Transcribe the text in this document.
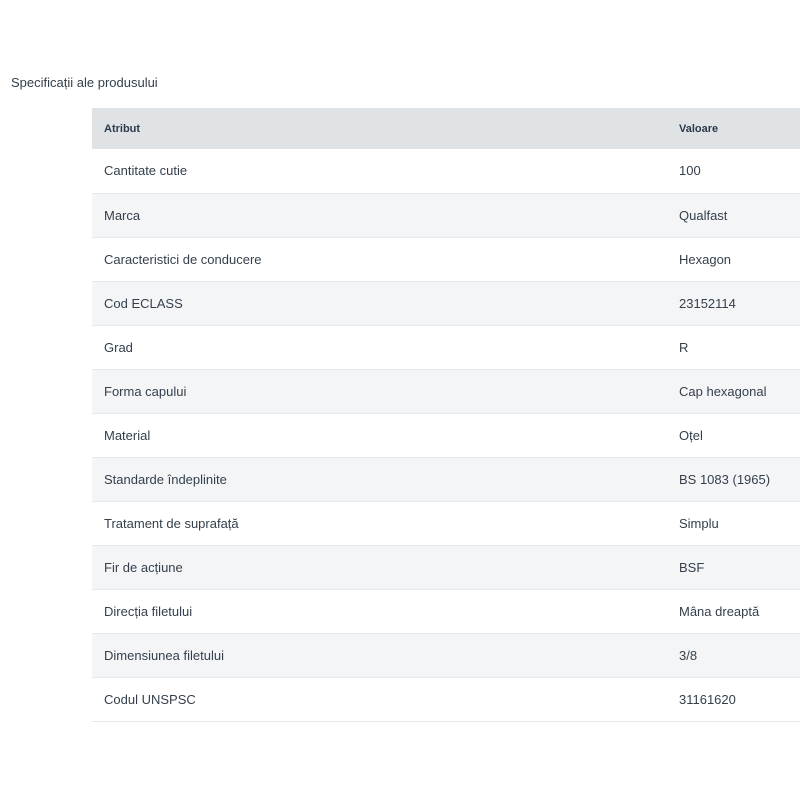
Specificații ale produsului
Atribut	Valoare
Cantitate cutie	100
Marca	Qualfast
Caracteristici de conducere	Hexagon
Cod ECLASS	23152114
Grad	R
Forma capului	Cap hexagonal
Material	Oțel
Standarde îndeplinite	BS 1083 (1965)
Tratament de suprafață	Simplu
Fir de acțiune	BSF
Direcția filetului	Mâna dreaptă
Dimensiunea filetului	3/8
Codul UNSPSC	31161620
